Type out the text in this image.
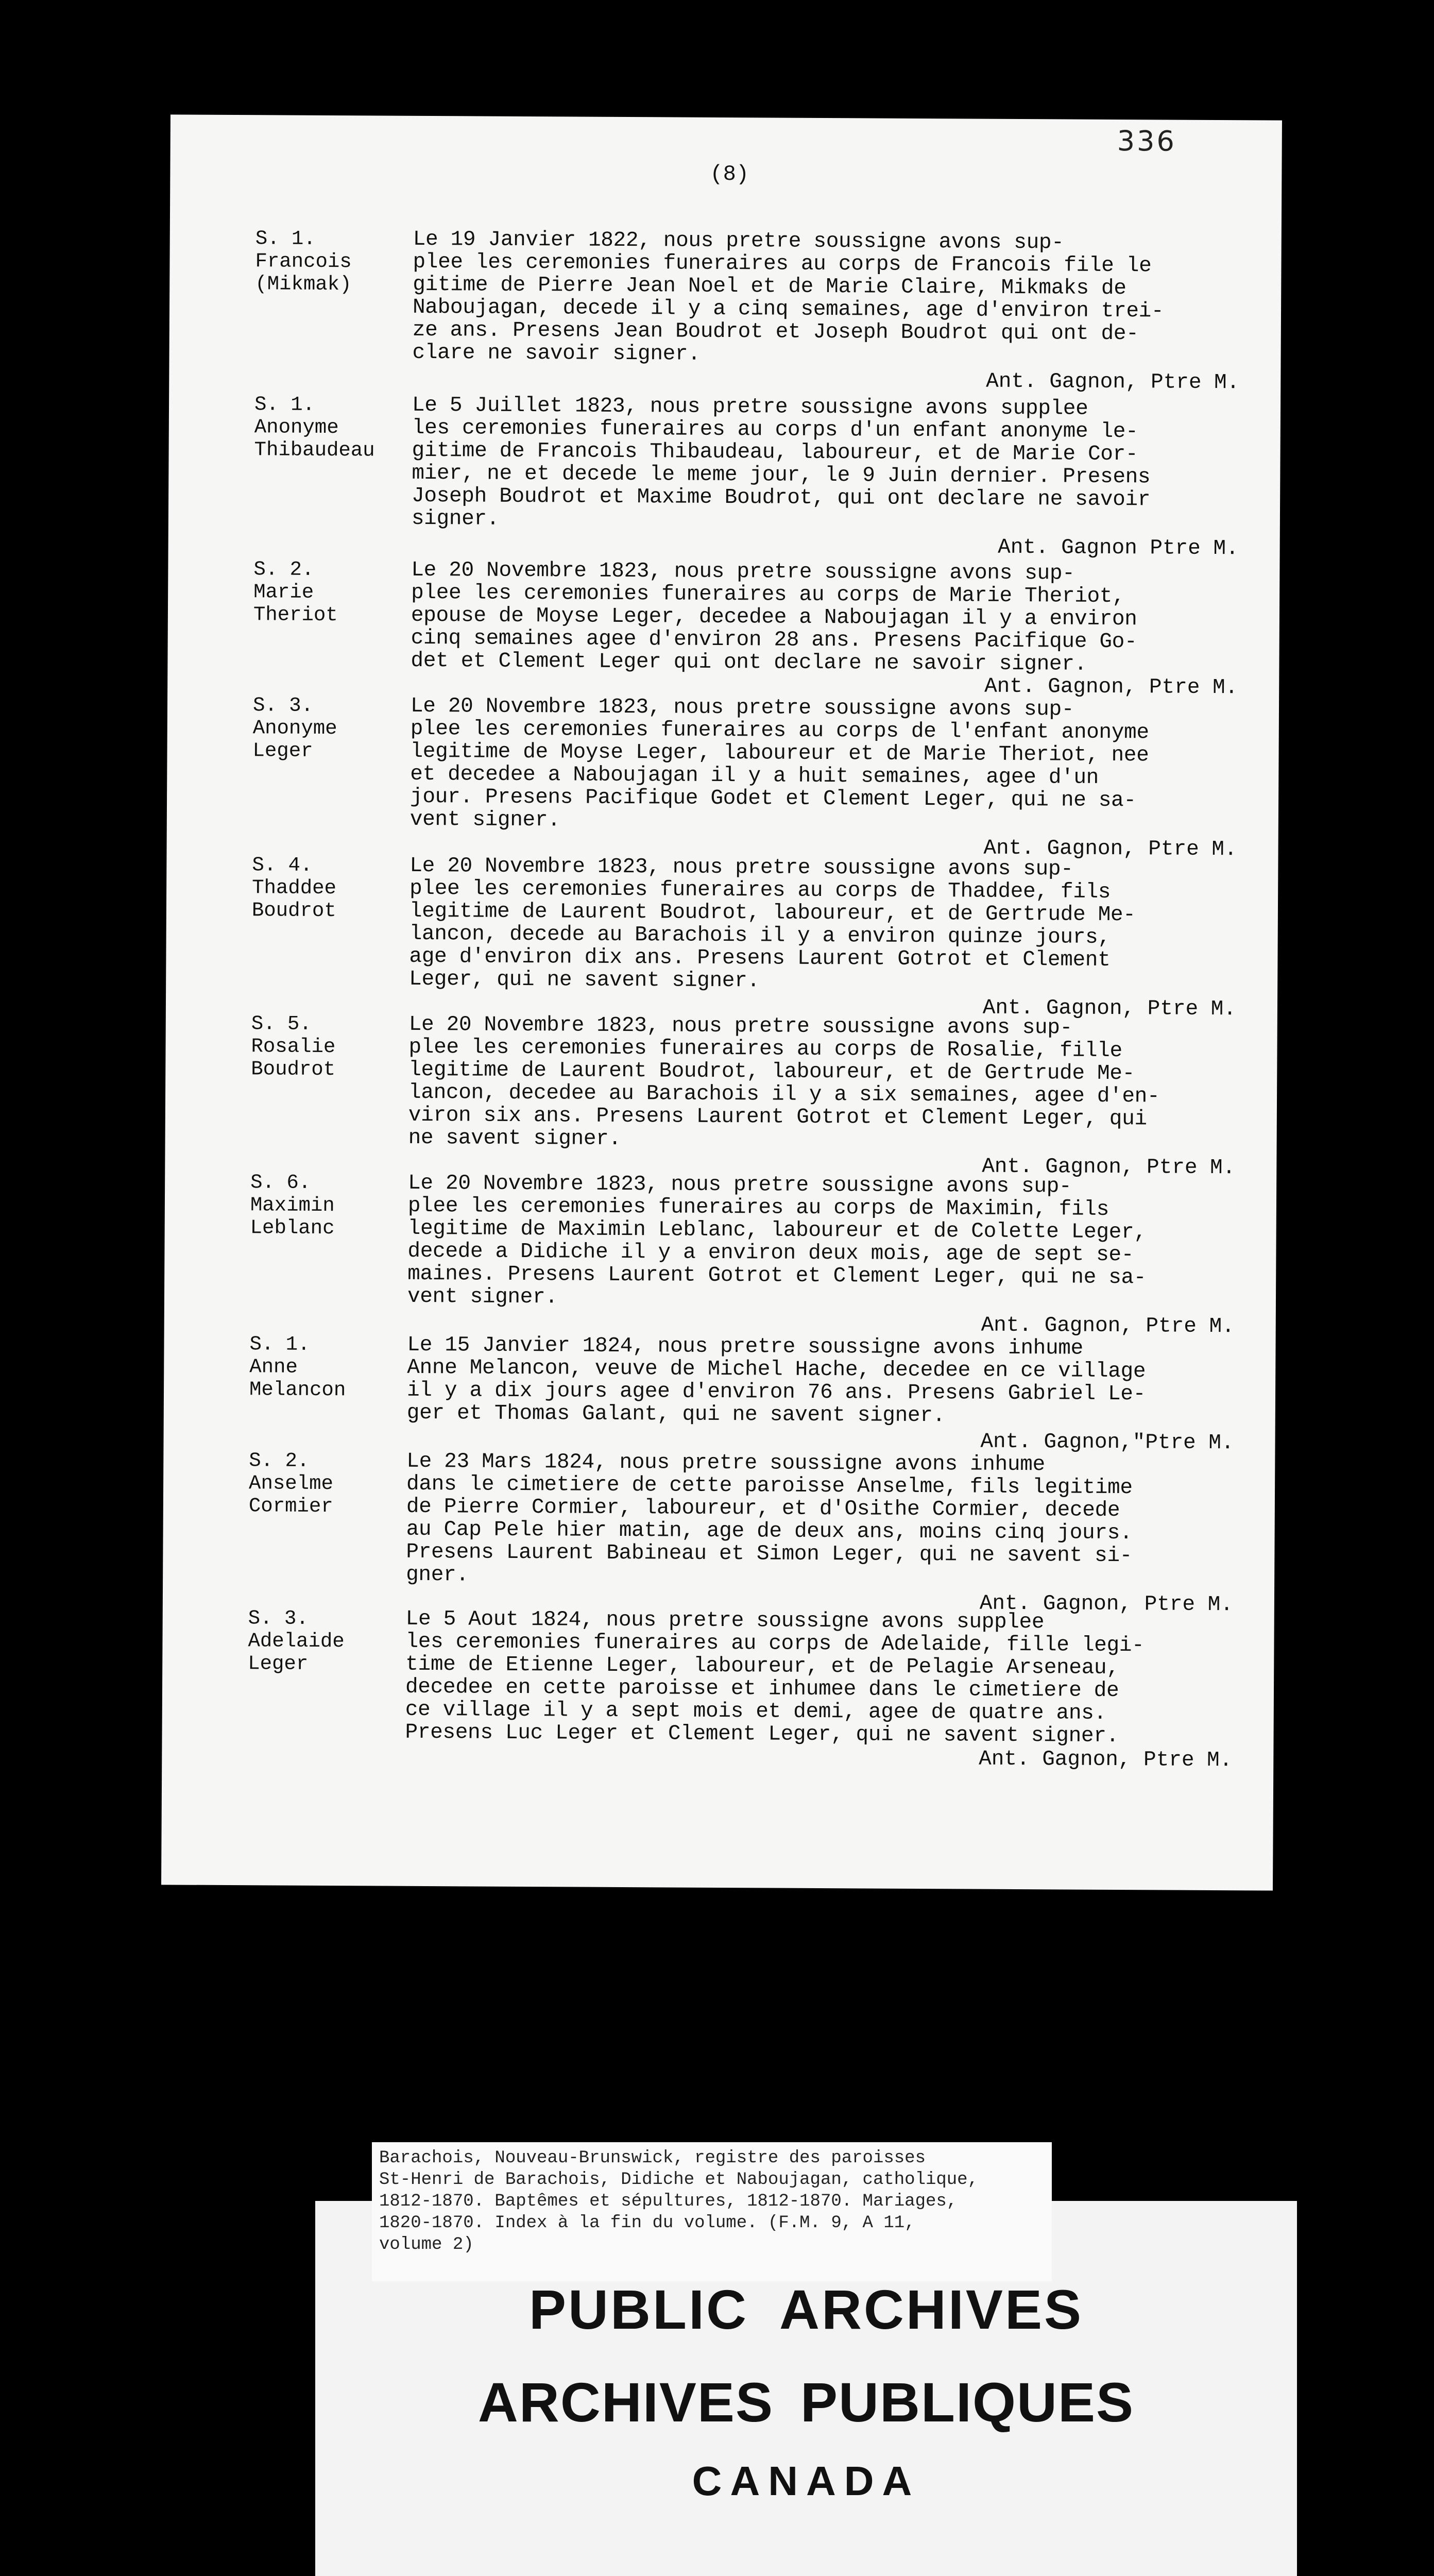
336
(8)
S. 1.
Francois
(Mikmak)
Le 19 Janvier 1822, nous pretre soussigne avons sup-
plee les ceremonies funeraires au corps de Francois file le
gitime de Pierre Jean Noel et de Marie Claire, Mikmaks de
Naboujagan, decede il y a cinq semaines, age d'environ trei-
ze ans. Presens Jean Boudrot et Joseph Boudrot qui ont de-
clare ne savoir signer.
Ant. Gagnon, Ptre M.
S. 1.
Anonyme
Thibaudeau
Le 5 Juillet 1823, nous pretre soussigne avons supplee
les ceremonies funeraires au corps d'un enfant anonyme le-
gitime de Francois Thibaudeau, laboureur, et de Marie Cor-
mier, ne et decede le meme jour, le 9 Juin dernier. Presens
Joseph Boudrot et Maxime Boudrot, qui ont declare ne savoir
signer.
Ant. Gagnon Ptre M.
S. 2.
Marie
Theriot
Le 20 Novembre 1823, nous pretre soussigne avons sup-
plee les ceremonies funeraires au corps de Marie Theriot,
epouse de Moyse Leger, decedee a Naboujagan il y a environ
cinq semaines agee d'environ 28 ans. Presens Pacifique Go-
det et Clement Leger qui ont declare ne savoir signer.
Ant. Gagnon, Ptre M.
S. 3.
Anonyme
Leger
Le 20 Novembre 1823, nous pretre soussigne avons sup-
plee les ceremonies funeraires au corps de l'enfant anonyme
legitime de Moyse Leger, laboureur et de Marie Theriot, nee
et decedee a Naboujagan il y a huit semaines, agee d'un
jour. Presens Pacifique Godet et Clement Leger, qui ne sa-
vent signer.
Ant. Gagnon, Ptre M.
S. 4.
Thaddee
Boudrot
Le 20 Novembre 1823, nous pretre soussigne avons sup-
plee les ceremonies funeraires au corps de Thaddee, fils
legitime de Laurent Boudrot, laboureur, et de Gertrude Me-
lancon, decede au Barachois il y a environ quinze jours,
age d'environ dix ans. Presens Laurent Gotrot et Clement
Leger, qui ne savent signer.
Ant. Gagnon, Ptre M.
S. 5.
Rosalie
Boudrot
Le 20 Novembre 1823, nous pretre soussigne avons sup-
plee les ceremonies funeraires au corps de Rosalie, fille
legitime de Laurent Boudrot, laboureur, et de Gertrude Me-
lancon, decedee au Barachois il y a six semaines, agee d'en-
viron six ans. Presens Laurent Gotrot et Clement Leger, qui
ne savent signer.
Ant. Gagnon, Ptre M.
S. 6.
Maximin
Leblanc
Le 20 Novembre 1823, nous pretre soussigne avons sup-
plee les ceremonies funeraires au corps de Maximin, fils
legitime de Maximin Leblanc, laboureur et de Colette Leger,
decede a Didiche il y a environ deux mois, age de sept se-
maines. Presens Laurent Gotrot et Clement Leger, qui ne sa-
vent signer.
Ant. Gagnon, Ptre M.
S. 1.
Anne
Melancon
Le 15 Janvier 1824, nous pretre soussigne avons inhume
Anne Melancon, veuve de Michel Hache, decedee en ce village
il y a dix jours agee d'environ 76 ans. Presens Gabriel Le-
ger et Thomas Galant, qui ne savent signer.
Ant. Gagnon,"Ptre M.
S. 2.
Anselme
Cormier
Le 23 Mars 1824, nous pretre soussigne avons inhume
dans le cimetiere de cette paroisse Anselme, fils legitime
de Pierre Cormier, laboureur, et d'Osithe Cormier, decede
au Cap Pele hier matin, age de deux ans, moins cinq jours.
Presens Laurent Babineau et Simon Leger, qui ne savent si-
gner.
Ant. Gagnon, Ptre M.
S. 3.
Adelaide
Leger
Le 5 Aout 1824, nous pretre soussigne avons supplee
les ceremonies funeraires au corps de Adelaide, fille legi-
time de Etienne Leger, laboureur, et de Pelagie Arseneau,
decedee en cette paroisse et inhumee dans le cimetiere de
ce village il y a sept mois et demi, agee de quatre ans.
Presens Luc Leger et Clement Leger, qui ne savent signer.
Ant. Gagnon, Ptre M.
Barachois, Nouveau-Brunswick, registre des paroisses
St-Henri de Barachois, Didiche et Naboujagan, catholique,
1812-1870. Baptêmes et sépultures, 1812-1870. Mariages,
1820-1870. Index à la fin du volume. (F.M. 9, A 11,
volume 2)
PUBLIC ARCHIVES
ARCHIVES PUBLIQUES
CANADA
